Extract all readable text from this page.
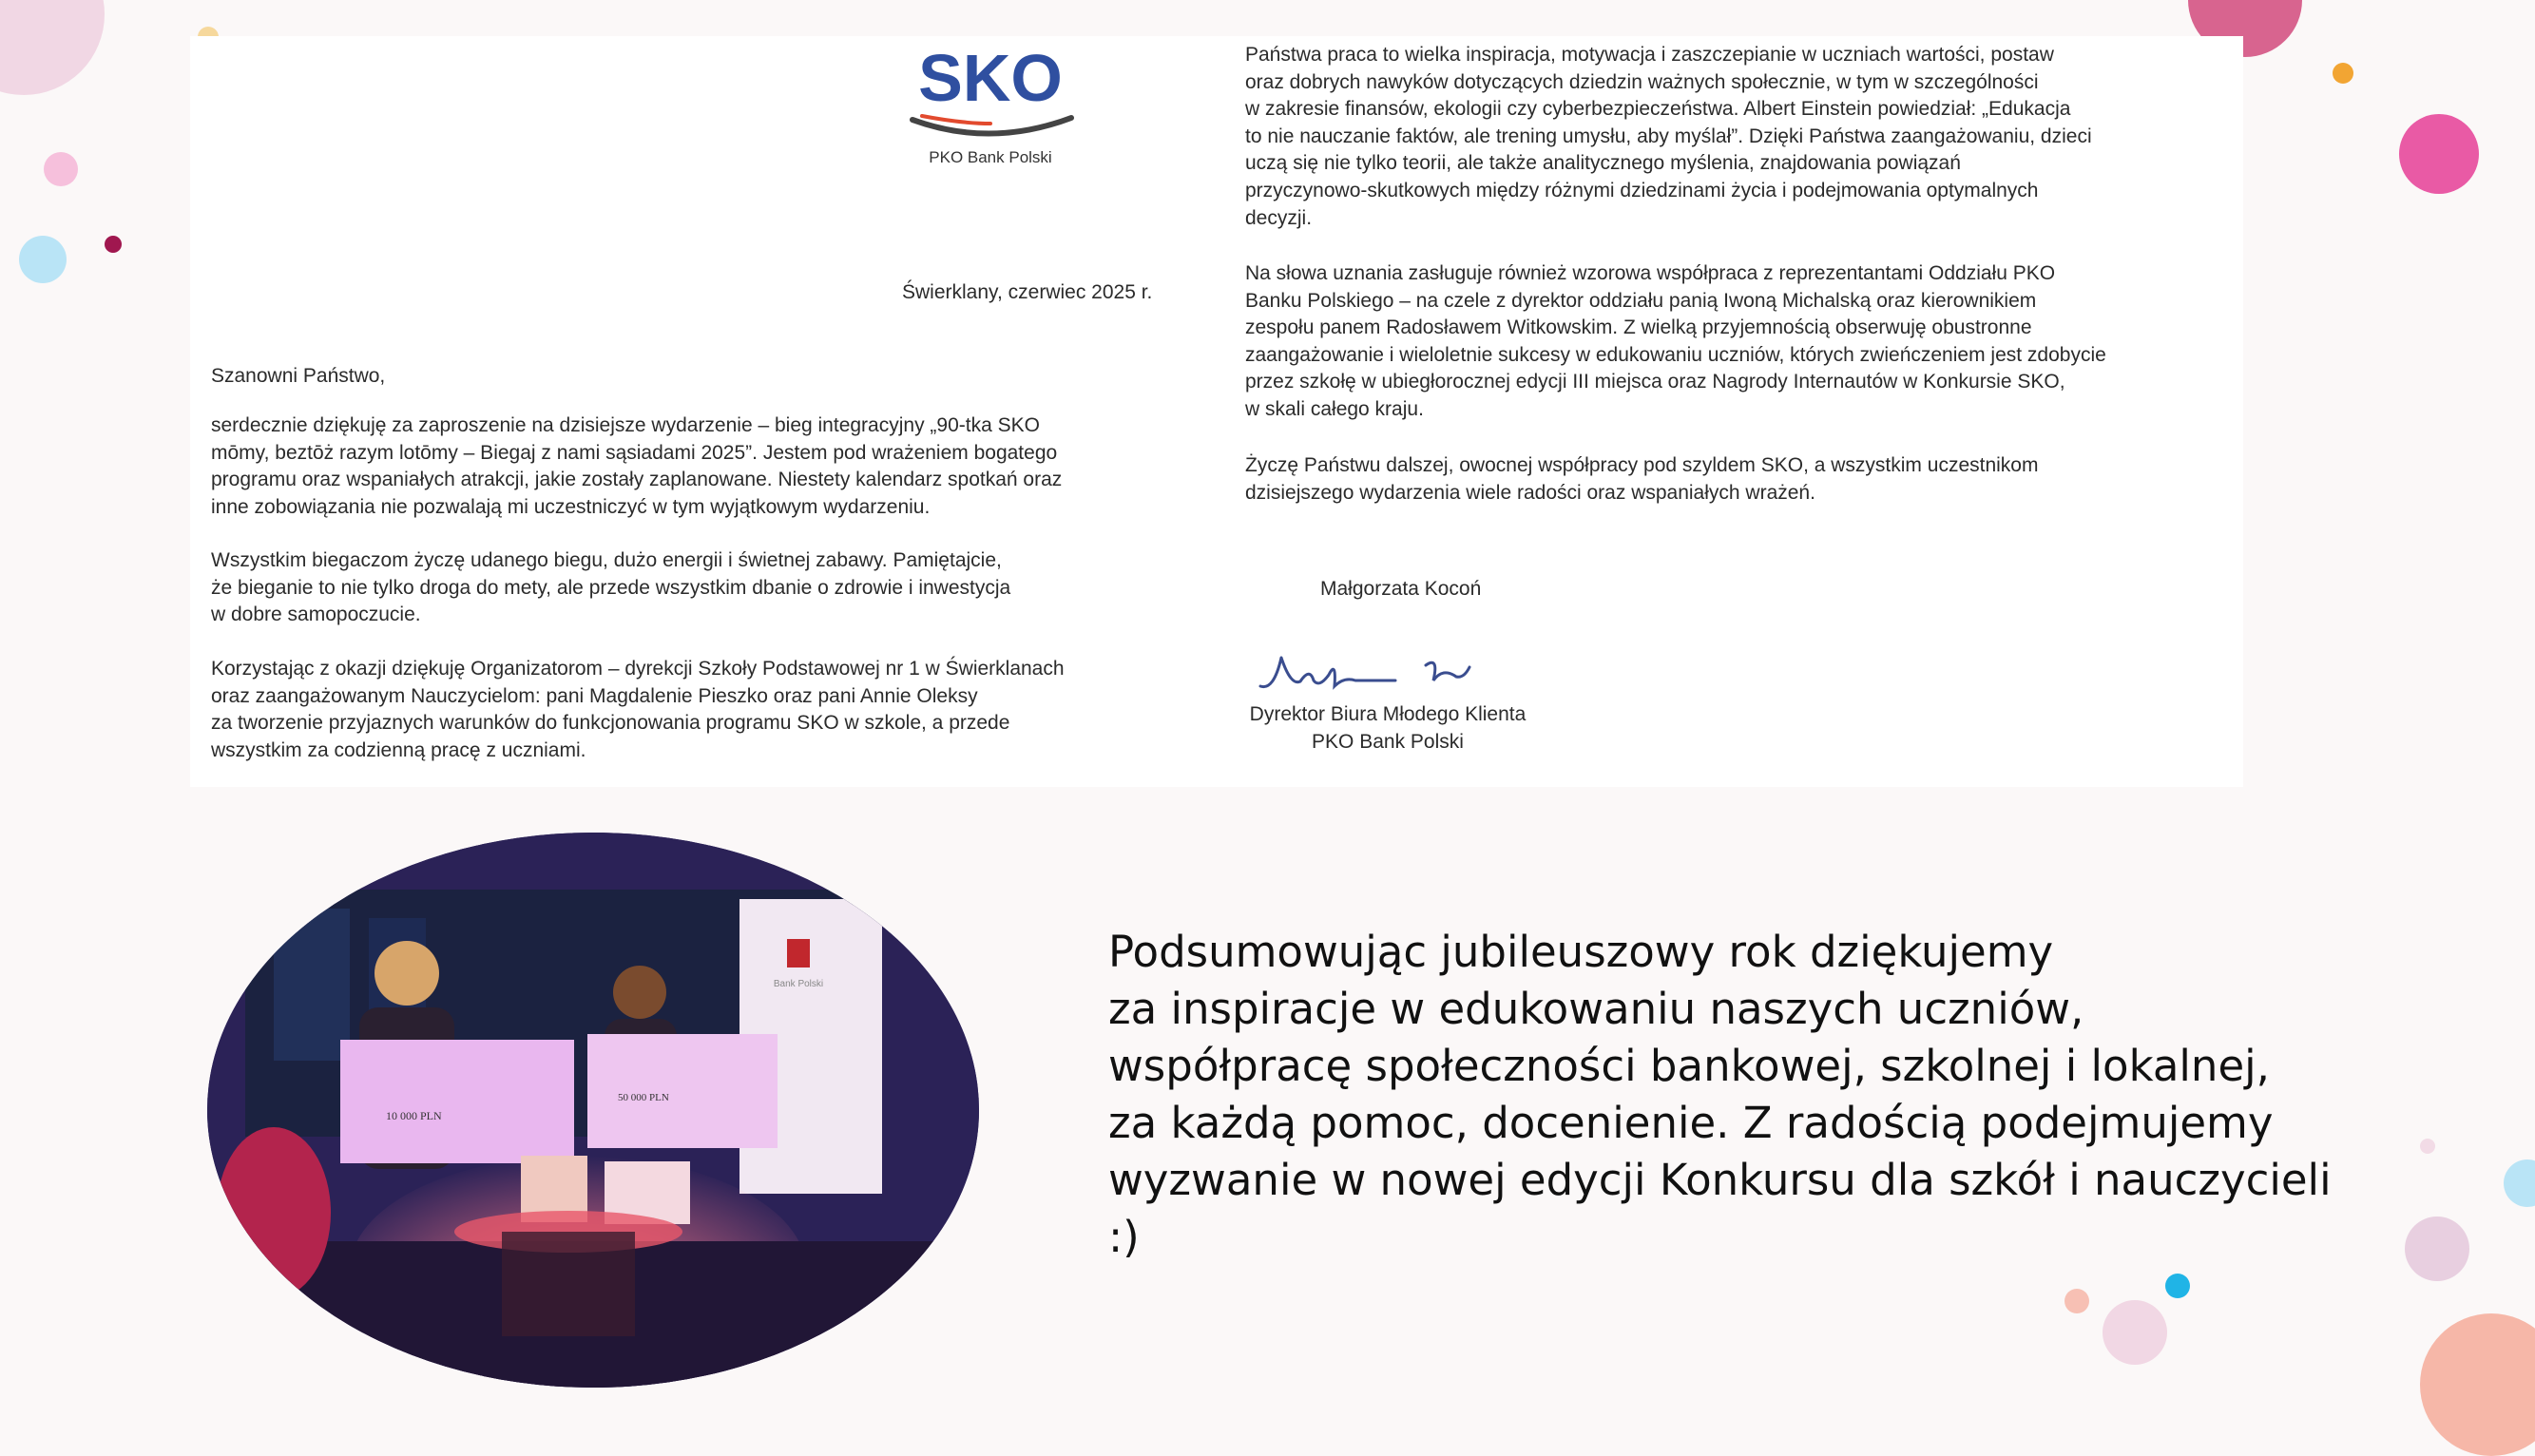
SKO
PKO Bank Polski

Świerklany, czerwiec 2025 r.

Szanowni Państwo,

serdecznie dziękuję za zaproszenie na dzisiejsze wydarzenie – bieg integracyjny „90-tka SKO
mōmy, beztōż razym lotōmy – Biegaj z nami sąsiadami 2025”. Jestem pod wrażeniem bogatego
programu oraz wspaniałych atrakcji, jakie zostały zaplanowane. Niestety kalendarz spotkań oraz
inne zobowiązania nie pozwalają mi uczestniczyć w tym wyjątkowym wydarzeniu.
Wszystkim biegaczom życzę udanego biegu, dużo energii i świetnej zabawy. Pamiętajcie,
że bieganie to nie tylko droga do mety, ale przede wszystkim dbanie o zdrowie i inwestycja
w dobre samopoczucie.
Korzystając z okazji dziękuję Organizatorom – dyrekcji Szkoły Podstawowej nr 1 w Świerklanach
oraz zaangażowanym Nauczycielom: pani Magdalenie Pieszko oraz pani Annie Oleksy
za tworzenie przyjaznych warunków do funkcjonowania programu SKO w szkole, a przede
wszystkim za codzienną pracę z uczniami.
Państwa praca to wielka inspiracja, motywacja i zaszczepianie w uczniach wartości, postaw
oraz dobrych nawyków dotyczących dziedzin ważnych społecznie, w tym w szczególności
w zakresie finansów, ekologii czy cyberbezpieczeństwa. Albert Einstein powiedział: „Edukacja
to nie nauczanie faktów, ale trening umysłu, aby myślał”. Dzięki Państwa zaangażowaniu, dzieci
uczą się nie tylko teorii, ale także analitycznego myślenia, znajdowania powiązań
przyczynowo-skutkowych między różnymi dziedzinami życia i podejmowania optymalnych
decyzji.
Na słowa uznania zasługuje również wzorowa współpraca z reprezentantami Oddziału PKO
Banku Polskiego – na czele z dyrektor oddziału panią Iwoną Michalską oraz kierownikiem
zespołu panem Radosławem Witkowskim. Z wielką przyjemnością obserwuję obustronne
zaangażowanie i wieloletnie sukcesy w edukowaniu uczniów, których zwieńczeniem jest zdobycie
przez szkołę w ubiegłorocznej edycji III miejsca oraz Nagrody Internautów w Konkursie SKO,
w skali całego kraju.
Życzę Państwu dalszej, owocnej współpracy pod szyldem SKO, a wszystkim uczestnikom
dzisiejszego wydarzenia wiele radości oraz wspaniałych wrażeń.

Małgorzata Kocoń

Dyrektor Biura Młodego Klienta
PKO Bank Polski
Bank Polski
10 000 PLN
50 000 PLN
Podsumowując jubileuszowy rok dziękujemy
za inspiracje w edukowaniu naszych uczniów,
współpracę społeczności bankowej, szkolnej i lokalnej,
za każdą pomoc, docenienie. Z radością podejmujemy
wyzwanie w nowej edycji Konkursu dla szkół i nauczycieli
:)
